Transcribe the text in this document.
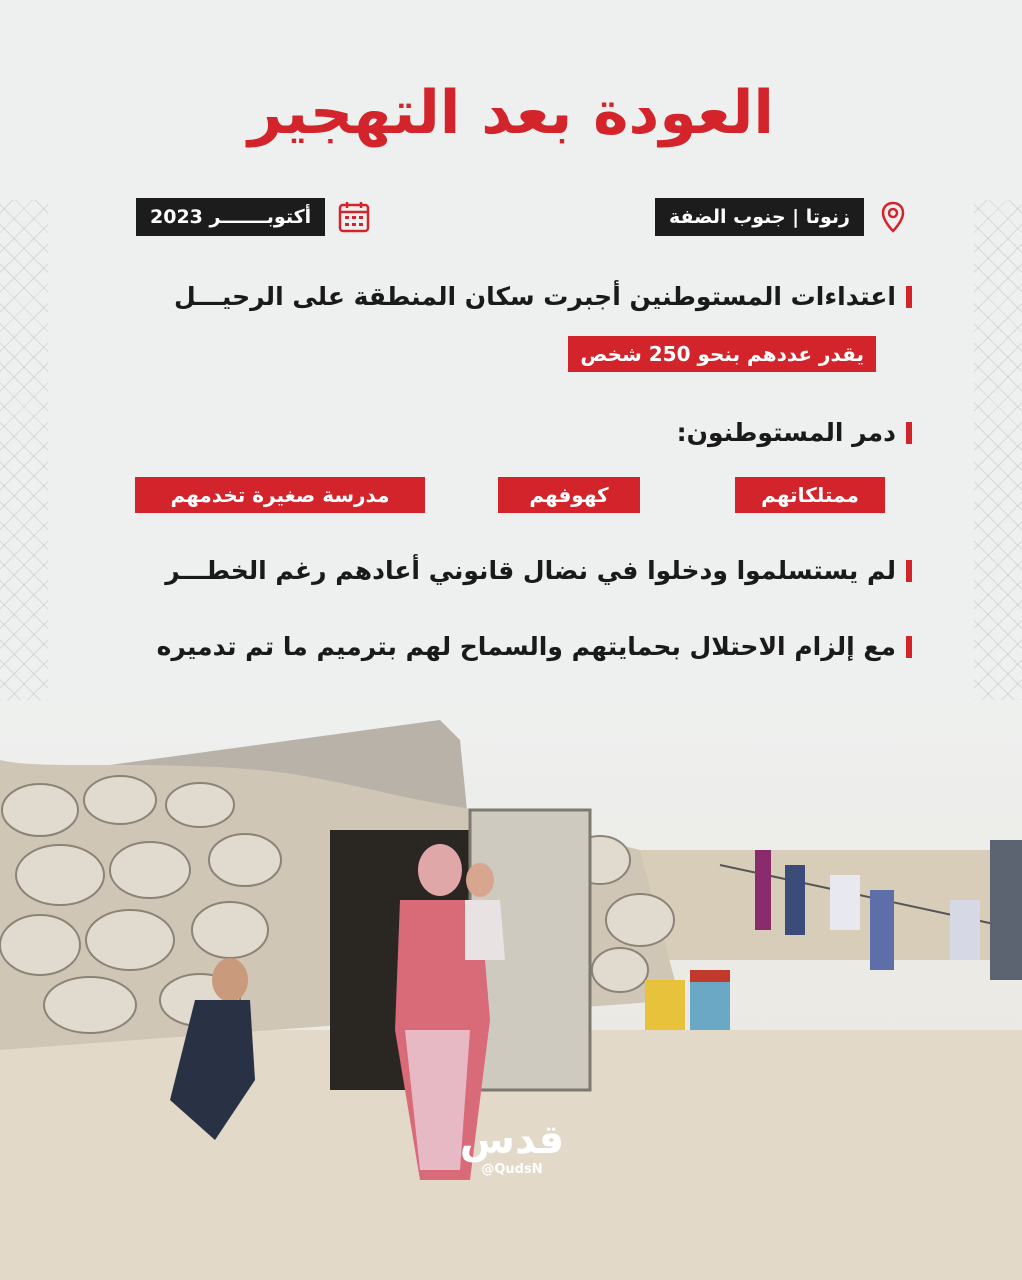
العودة بعد التهجير
زنوتا | جنوب الضفة
أكتوبـــــــر 2023
اعتداءات المستوطنين أجبرت سكان المنطقة على الرحيـــل
يقدر عددهم بنحو 250 شخص
دمر المستوطنون:
ممتلكاتهم
كهوفهم
مدرسة صغيرة تخدمهم
لم يستسلموا ودخلوا في نضال قانوني أعادهم رغم الخطـــر
مع إلزام الاحتلال بحمايتهم والسماح لهم بترميم ما تم تدميره
قدس
@QudsN
